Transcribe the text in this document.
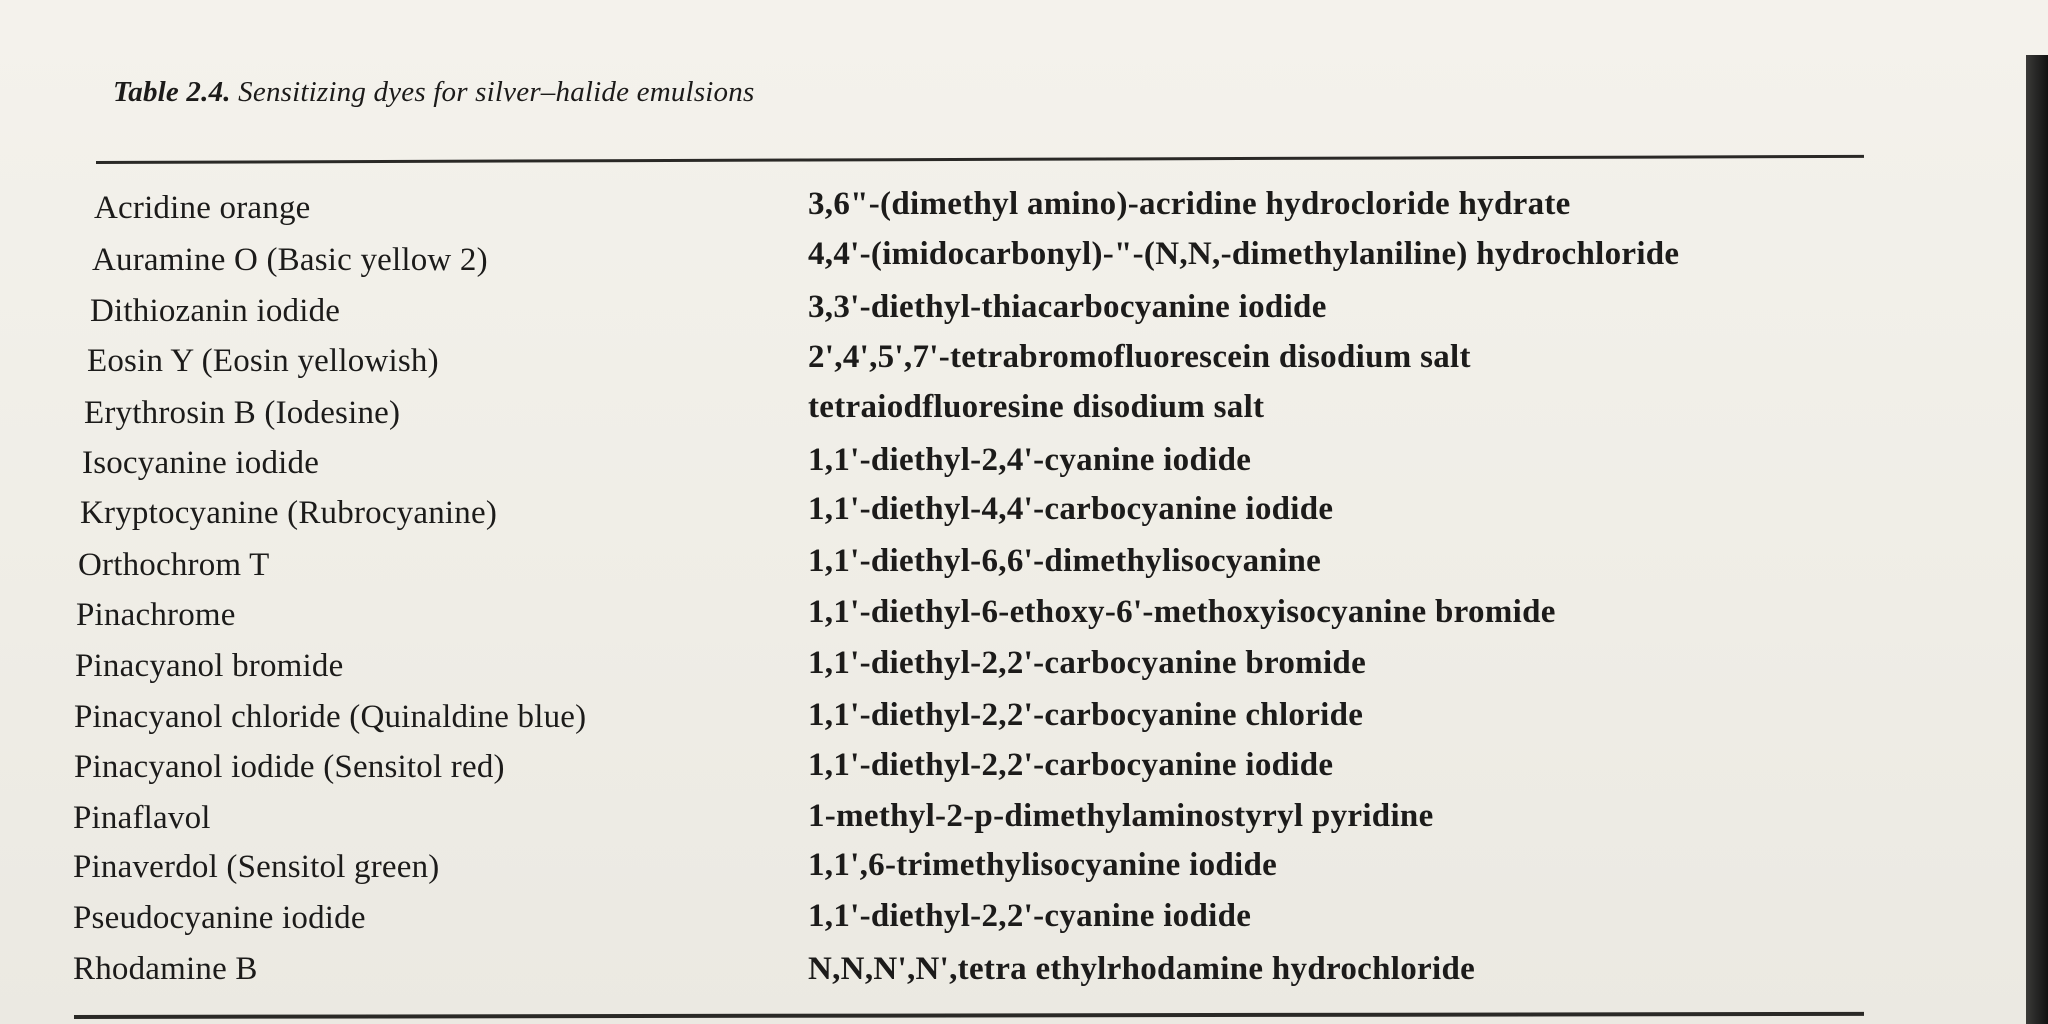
Table 2.4. Sensitizing dyes for silver–halide emulsions
Acridine orange	3,6"-(dimethyl amino)-acridine hydrocloride hydrate
Auramine O (Basic yellow 2)	4,4'-(imidocarbonyl)-"-(N,N,-dimethylaniline) hydrochloride
Dithiozanin iodide	3,3'-diethyl-thiacarbocyanine iodide
Eosin Y (Eosin yellowish)	2',4',5',7'-tetrabromofluorescein disodium salt
Erythrosin B (Iodesine)	tetraiodfluoresine disodium salt
Isocyanine iodide	1,1'-diethyl-2,4'-cyanine iodide
Kryptocyanine (Rubrocyanine)	1,1'-diethyl-4,4'-carbocyanine iodide
Orthochrom T	1,1'-diethyl-6,6'-dimethylisocyanine
Pinachrome	1,1'-diethyl-6-ethoxy-6'-methoxyisocyanine bromide
Pinacyanol bromide	1,1'-diethyl-2,2'-carbocyanine bromide
Pinacyanol chloride (Quinaldine blue)	1,1'-diethyl-2,2'-carbocyanine chloride
Pinacyanol iodide (Sensitol red)	1,1'-diethyl-2,2'-carbocyanine iodide
Pinaflavol	1-methyl-2-p-dimethylaminostyryl pyridine
Pinaverdol (Sensitol green)	1,1',6-trimethylisocyanine iodide
Pseudocyanine iodide	1,1'-diethyl-2,2'-cyanine iodide
Rhodamine B	N,N,N',N',tetra ethylrhodamine hydrochloride
